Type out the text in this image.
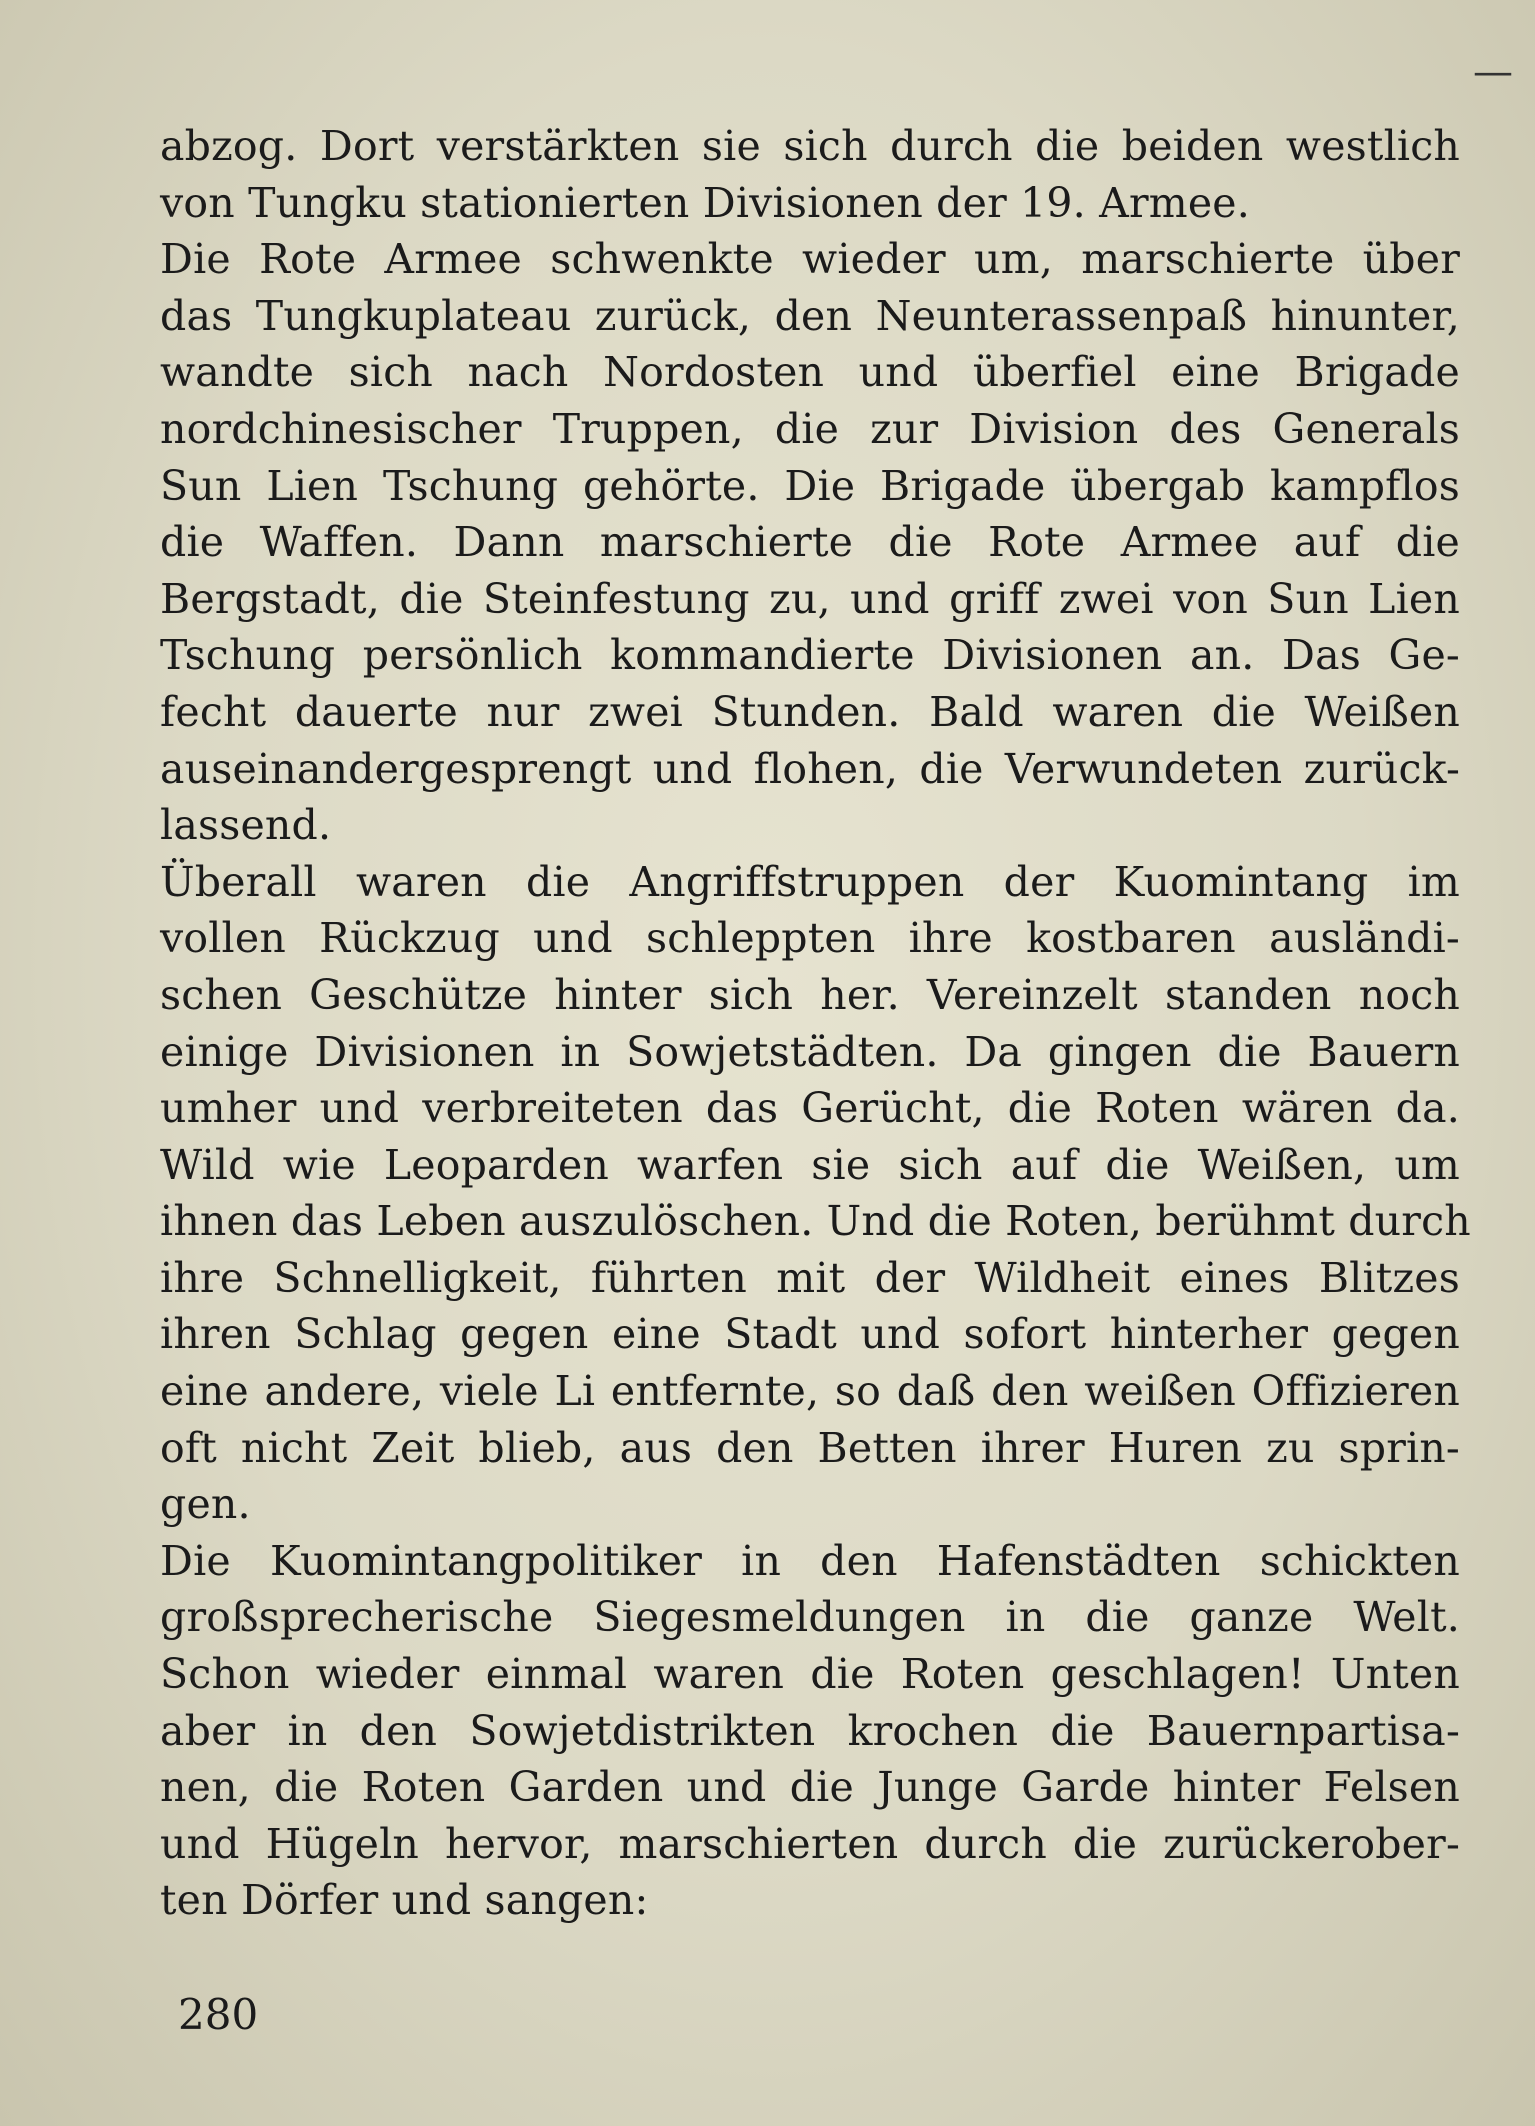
—
abzog. Dort verstärkten sie sich durch die beiden westlich
von Tungku stationierten Divisionen der 19. Armee.
Die Rote Armee schwenkte wieder um, marschierte über
das Tungkuplateau zurück, den Neunterassenpaß hinunter,
wandte sich nach Nordosten und überfiel eine Brigade
nordchinesischer Truppen, die zur Division des Generals
Sun Lien Tschung gehörte. Die Brigade übergab kampflos
die Waffen. Dann marschierte die Rote Armee auf die
Bergstadt, die Steinfestung zu, und griff zwei von Sun Lien
Tschung persönlich kommandierte Divisionen an. Das Ge-
fecht dauerte nur zwei Stunden. Bald waren die Weißen
auseinandergesprengt und flohen, die Verwundeten zurück-
lassend.
Überall waren die Angriffstruppen der Kuomintang im
vollen Rückzug und schleppten ihre kostbaren ausländi-
schen Geschütze hinter sich her. Vereinzelt standen noch
einige Divisionen in Sowjetstädten. Da gingen die Bauern
umher und verbreiteten das Gerücht, die Roten wären da.
Wild wie Leoparden warfen sie sich auf die Weißen, um
ihnen das Leben auszulöschen. Und die Roten, berühmt durch
ihre Schnelligkeit, führten mit der Wildheit eines Blitzes
ihren Schlag gegen eine Stadt und sofort hinterher gegen
eine andere, viele Li entfernte, so daß den weißen Offizieren
oft nicht Zeit blieb, aus den Betten ihrer Huren zu sprin-
gen.
Die Kuomintangpolitiker in den Hafenstädten schickten
großsprecherische Siegesmeldungen in die ganze Welt.
Schon wieder einmal waren die Roten geschlagen! Unten
aber in den Sowjetdistrikten krochen die Bauernpartisa-
nen, die Roten Garden und die Junge Garde hinter Felsen
und Hügeln hervor, marschierten durch die zurückerober-
ten Dörfer und sangen:
280
